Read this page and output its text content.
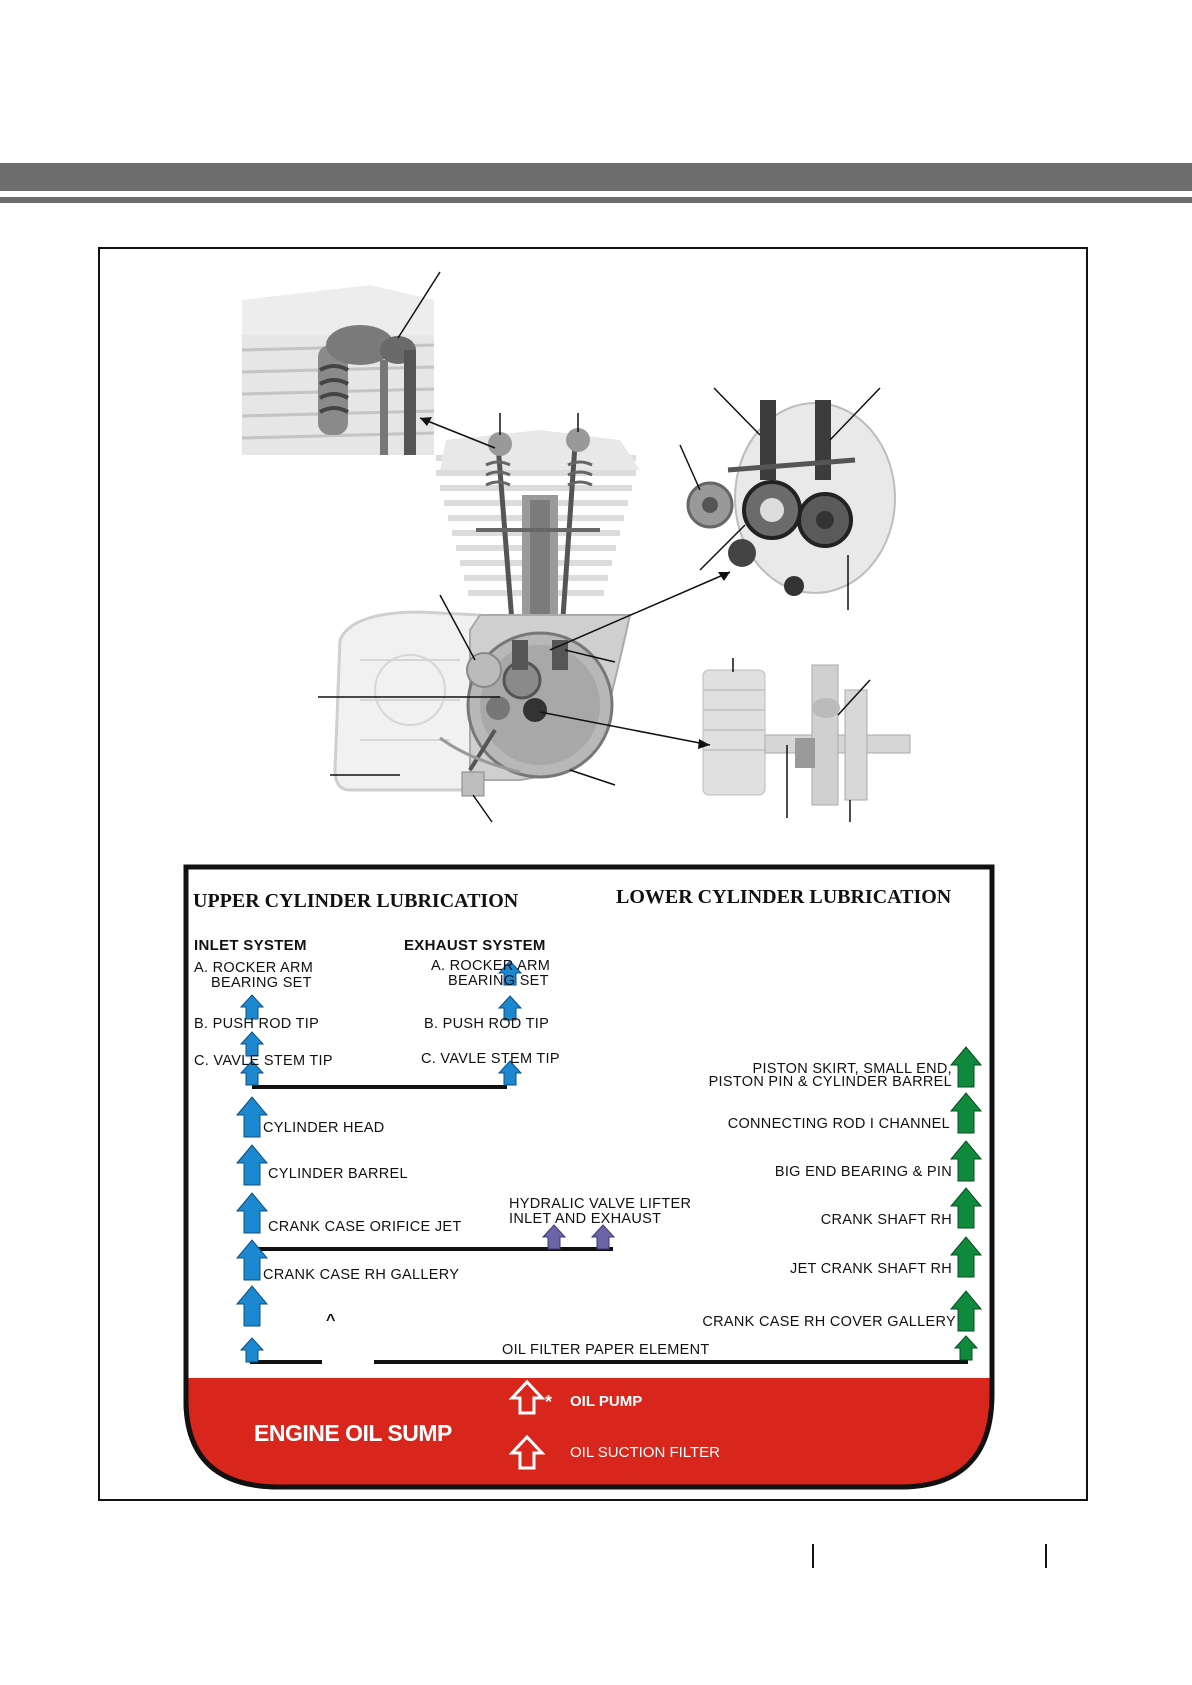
UPPER CYLINDER LUBRICATION	LOWER CYLINDER LUBRICATION
INLET SYSTEM	EXHAUST SYSTEM
A. ROCKER ARM
BEARING SET
B. PUSH ROD TIP
C. VAVLE STEM TIP
A. ROCKER ARM
BEARING SET
B. PUSH ROD TIP
C. VAVLE STEM TIP
CYLINDER HEAD
CYLINDER BARREL
CRANK CASE ORIFICE JET
CRANK CASE RH GALLERY
HYDRALIC VALVE LIFTER
INLET AND EXHAUST
PISTON SKIRT, SMALL END,
PISTON PIN & CYLINDER BARREL
CONNECTING ROD I CHANNEL
BIG END BEARING & PIN
CRANK SHAFT RH
JET CRANK SHAFT RH
CRANK CASE RH COVER GALLERY
^
OIL FILTER PAPER ELEMENT
ENGINE OIL SUMP
* OIL PUMP
OIL SUCTION FILTER
